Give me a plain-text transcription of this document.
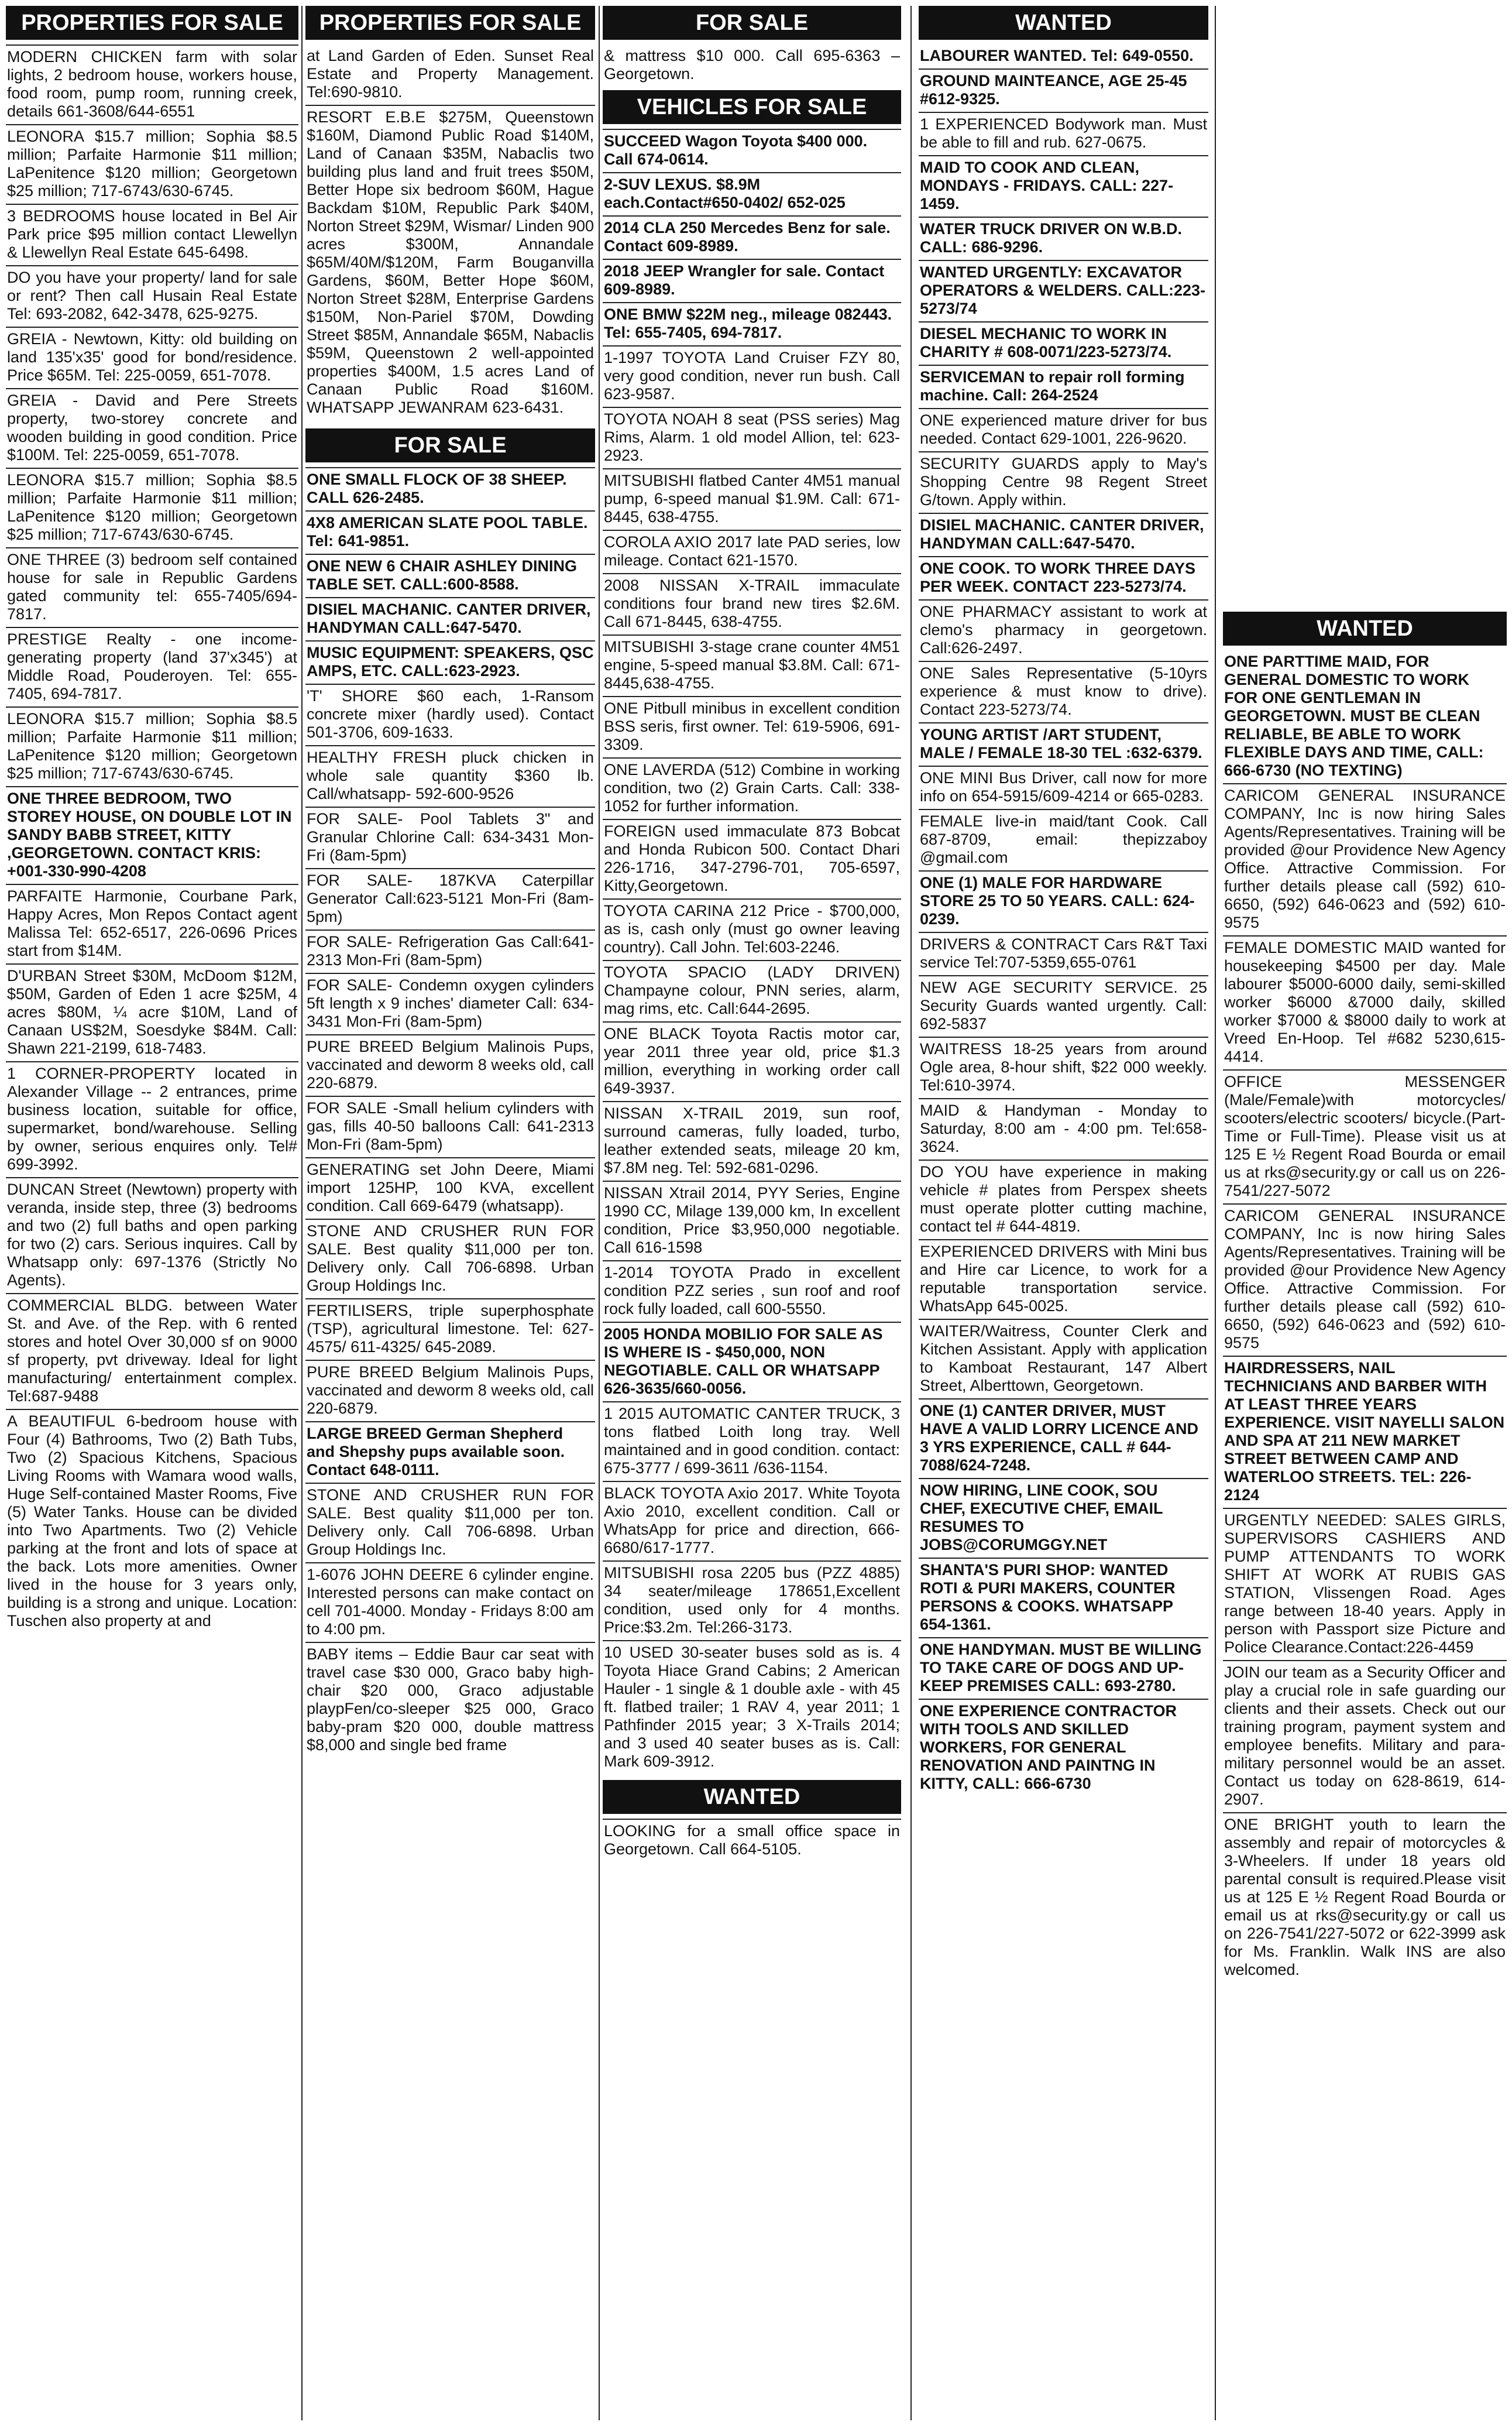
PROPERTIES FOR SALE

MODERN CHICKEN farm with solar lights, 2 bedroom house, workers house, food room, pump room, running creek, details 661-3608/644-6551

LEONORA $15.7 million; Sophia $8.5 million; Parfaite Harmonie $11 million; LaPenitence $120 million; Georgetown $25 million; 717-6743/630-6745.

3 BEDROOMS house located in Bel Air Park price $95 million contact Llewellyn & Llewellyn Real Estate 645-6498.

DO you have your property/ land for sale or rent? Then call Husain Real Estate Tel: 693-2082, 642-3478, 625-9275.

GREIA - Newtown, Kitty: old building on land 135'x35' good for bond/residence. Price $65M. Tel: 225-0059, 651-7078.

GREIA - David and Pere Streets property, two-storey concrete and wooden building in good condition. Price $100M. Tel: 225-0059, 651-7078.

LEONORA $15.7 million; Sophia $8.5 million; Parfaite Harmonie $11 million; LaPenitence $120 million; Georgetown $25 million; 717-6743/630-6745.

ONE THREE (3) bedroom self contained house for sale in Republic Gardens gated community tel: 655-7405/694-7817.

PRESTIGE Realty - one income-generating property (land 37'x345') at Middle Road, Pouderoyen. Tel: 655-7405, 694-7817.

LEONORA $15.7 million; Sophia $8.5 million; Parfaite Harmonie $11 million; LaPenitence $120 million; Georgetown $25 million; 717-6743/630-6745.

ONE THREE BEDROOM, TWO STOREY HOUSE, ON DOUBLE LOT IN SANDY BABB STREET, KITTY ,GEORGETOWN. CONTACT KRIS: +001-330-990-4208

PARFAITE Harmonie, Courbane Park, Happy Acres, Mon Repos Contact agent Malissa Tel: 652-6517, 226-0696 Prices start from $14M.

D'URBAN Street $30M, McDoom $12M, $50M, Garden of Eden 1 acre $25M, 4 acres $80M, ¼ acre $10M, Land of Canaan US$2M, Soesdyke $84M. Call: Shawn 221-2199, 618-7483.

1 CORNER-PROPERTY located in Alexander Village -- 2 entrances, prime business location, suitable for office, supermarket, bond/warehouse. Selling by owner, serious enquires only. Tel# 699-3992.

DUNCAN Street (Newtown) property with veranda, inside step, three (3) bedrooms and two (2) full baths and open parking for two (2) cars. Serious inquires. Call by Whatsapp only: 697-1376 (Strictly No Agents).

COMMERCIAL BLDG. between Water St. and Ave. of the Rep. with 6 rented stores and hotel Over 30,000 sf on 9000 sf property, pvt driveway. Ideal for light manufacturing/ entertainment complex. Tel:687-9488

A BEAUTIFUL 6-bedroom house with Four (4) Bathrooms, Two (2) Bath Tubs, Two (2) Spacious Kitchens, Spacious Living Rooms with Wamara wood walls, Huge Self-contained Master Rooms, Five (5) Water Tanks. House can be divided into Two Apartments. Two (2) Vehicle parking at the front and lots of space at the back. Lots more amenities. Owner lived in the house for 3 years only, building is a strong and unique. Location: Tuschen also property at and

PROPERTIES FOR SALE

at Land Garden of Eden. Sunset Real Estate and Property Management. Tel:690-9810.

RESORT E.B.E $275M, Queenstown $160M, Diamond Public Road $140M, Land of Canaan $35M, Nabaclis two building plus land and fruit trees $50M, Better Hope six bedroom $60M, Hague Backdam $10M, Republic Park $40M, Norton Street $29M, Wismar/ Linden 900 acres $300M, Annandale $65M/40M/$120M, Farm Bouganvilla Gardens, $60M, Better Hope $60M, Norton Street $28M, Enterprise Gardens $150M, Non-Pariel $70M, Dowding Street $85M, Annandale $65M, Nabaclis $59M, Queenstown 2 well-appointed properties $400M, 1.5 acres Land of Canaan Public Road $160M. WHATSAPP JEWANRAM 623-6431.

FOR SALE

ONE SMALL FLOCK OF 38 SHEEP. CALL 626-2485.

4X8 AMERICAN SLATE POOL TABLE. Tel: 641-9851.

ONE NEW 6 CHAIR ASHLEY DINING TABLE SET. CALL:600-8588.

DISIEL MACHANIC. CANTER DRIVER, HANDYMAN CALL:647-5470.

MUSIC EQUIPMENT: SPEAKERS, QSC AMPS, ETC. CALL:623-2923.

'T' SHORE $60 each, 1-Ransom concrete mixer (hardly used). Contact 501-3706, 609-1633.

HEALTHY FRESH pluck chicken in whole sale quantity $360 lb. Call/whatsapp- 592-600-9526

FOR SALE- Pool Tablets 3" and Granular Chlorine Call: 634-3431 Mon-Fri (8am-5pm)

FOR SALE- 187KVA Caterpillar Generator Call:623-5121 Mon-Fri (8am-5pm)

FOR SALE- Refrigeration Gas Call:641-2313 Mon-Fri (8am-5pm)

FOR SALE- Condemn oxygen cylinders 5ft length x 9 inches' diameter Call: 634-3431 Mon-Fri (8am-5pm)

PURE BREED Belgium Malinois Pups, vaccinated and deworm 8 weeks old, call 220-6879.

FOR SALE -Small helium cylinders with gas, fills 40-50 balloons Call: 641-2313 Mon-Fri (8am-5pm)

GENERATING set John Deere, Miami import 125HP, 100 KVA, excellent condition. Call 669-6479 (whatsapp).

STONE AND CRUSHER RUN FOR SALE. Best quality $11,000 per ton. Delivery only. Call 706-6898. Urban Group Holdings Inc.

FERTILISERS, triple superphosphate (TSP), agricultural limestone. Tel: 627-4575/ 611-4325/ 645-2089.

PURE BREED Belgium Malinois Pups, vaccinated and deworm 8 weeks old, call 220-6879.

LARGE BREED German Shepherd and Shepshy pups available soon. Contact 648-0111.

STONE AND CRUSHER RUN FOR SALE. Best quality $11,000 per ton. Delivery only. Call 706-6898. Urban Group Holdings Inc.

1-6076 JOHN DEERE 6 cylinder engine. Interested persons can make contact on cell 701-4000. Monday - Fridays 8:00 am to 4:00 pm.

BABY items – Eddie Baur car seat with travel case $30 000, Graco baby high-chair $20 000, Graco adjustable playpFen/co-sleeper $25 000, Graco baby-pram $20 000, double mattress $8,000 and single bed frame

FOR SALE

& mattress $10 000. Call 695-6363 – Georgetown.

VEHICLES FOR SALE

SUCCEED Wagon Toyota $400 000. Call 674-0614.

2-SUV LEXUS. $8.9M each.Contact#650-0402/ 652-025

2014 CLA 250 Mercedes Benz for sale. Contact 609-8989.

2018 JEEP Wrangler for sale. Contact 609-8989.

ONE BMW $22M neg., mileage 082443. Tel: 655-7405, 694-7817.

1-1997 TOYOTA Land Cruiser FZY 80, very good condition, never run bush. Call 623-9587.

TOYOTA NOAH 8 seat (PSS series) Mag Rims, Alarm. 1 old model Allion, tel: 623-2923.

MITSUBISHI flatbed Canter 4M51 manual pump, 6-speed manual $1.9M. Call: 671-8445, 638-4755.

COROLA AXIO 2017 late PAD series, low mileage. Contact 621-1570.

2008 NISSAN X-TRAIL immaculate conditions four brand new tires $2.6M. Call 671-8445, 638-4755.

MITSUBISHI 3-stage crane counter 4M51 engine, 5-speed manual $3.8M. Call: 671-8445,638-4755.

ONE Pitbull minibus in excellent condition BSS seris, first owner. Tel: 619-5906, 691-3309.

ONE LAVERDA (512) Combine in working condition, two (2) Grain Carts. Call: 338-1052 for further information.

FOREIGN used immaculate 873 Bobcat and Honda Rubicon 500. Contact Dhari 226-1716, 347-2796-701, 705-6597, Kitty,Georgetown.

TOYOTA CARINA 212 Price - $700,000, as is, cash only (must go owner leaving country). Call John. Tel:603-2246.

TOYOTA SPACIO (LADY DRIVEN) Champayne colour, PNN series, alarm, mag rims, etc. Call:644-2695.

ONE BLACK Toyota Ractis motor car, year 2011 three year old, price $1.3 million, everything in working order call 649-3937.

NISSAN X-TRAIL 2019, sun roof, surround cameras, fully loaded, turbo, leather extended seats, mileage 20 km, $7.8M neg. Tel: 592-681-0296.

NISSAN Xtrail 2014, PYY Series, Engine 1990 CC, Milage 139,000 km, In excellent condition, Price $3,950,000 negotiable. Call 616-1598

1-2014 TOYOTA Prado in excellent condition PZZ series , sun roof and roof rock fully loaded, call 600-5550.

2005 HONDA MOBILIO FOR SALE AS IS WHERE IS - $450,000, NON NEGOTIABLE. CALL OR WHATSAPP 626-3635/660-0056.

1 2015 AUTOMATIC CANTER TRUCK, 3 tons flatbed Loith long tray. Well maintained and in good condition. contact: 675-3777 / 699-3611 /636-1154.

BLACK TOYOTA Axio 2017. White Toyota Axio 2010, excellent condition. Call or WhatsApp for price and direction, 666-6680/617-1777.

MITSUBISHI rosa 2205 bus (PZZ 4885) 34 seater/mileage 178651,Excellent condition, used only for 4 months. Price:$3.2m. Tel:266-3173.

10 USED 30-seater buses sold as is. 4 Toyota Hiace Grand Cabins; 2 American Hauler - 1 single & 1 double axle - with 45 ft. flatbed trailer; 1 RAV 4, year 2011; 1 Pathfinder 2015 year; 3 X-Trails 2014; and 3 used 40 seater buses as is. Call: Mark 609-3912.

WANTED

LOOKING for a small office space in Georgetown. Call 664-5105.

WANTED

LABOURER WANTED. Tel: 649-0550.

GROUND MAINTEANCE, AGE 25-45 #612-9325.

1 EXPERIENCED Bodywork man. Must be able to fill and rub. 627-0675.

MAID TO COOK AND CLEAN, MONDAYS - FRIDAYS. CALL: 227-1459.

WATER TRUCK DRIVER ON W.B.D. CALL: 686-9296.

WANTED URGENTLY: EXCAVATOR OPERATORS & WELDERS. CALL:223-5273/74

DIESEL MECHANIC TO WORK IN CHARITY # 608-0071/223-5273/74.

SERVICEMAN to repair roll forming machine. Call: 264-2524

ONE experienced mature driver for bus needed. Contact 629-1001, 226-9620.

SECURITY GUARDS apply to May's Shopping Centre 98 Regent Street G/town. Apply within.

DISIEL MACHANIC. CANTER DRIVER, HANDYMAN CALL:647-5470.

ONE COOK. TO WORK THREE DAYS PER WEEK. CONTACT 223-5273/74.

ONE PHARMACY assistant to work at clemo's pharmacy in georgetown. Call:626-2497.

ONE Sales Representative (5-10yrs experience & must know to drive). Contact 223-5273/74.

YOUNG ARTIST /ART STUDENT, MALE / FEMALE 18-30 TEL :632-6379.

ONE MINI Bus Driver, call now for more info on 654-5915/609-4214 or 665-0283.

FEMALE live-in maid/tant Cook. Call 687-8709, email: thepizzaboy @gmail.com

ONE (1) MALE FOR HARDWARE STORE 25 TO 50 YEARS. CALL: 624-0239.

DRIVERS & CONTRACT Cars R&T Taxi service Tel:707-5359,655-0761

NEW AGE SECURITY SERVICE. 25 Security Guards wanted urgently. Call: 692-5837

WAITRESS 18-25 years from around Ogle area, 8-hour shift, $22 000 weekly. Tel:610-3974.

MAID & Handyman - Monday to Saturday, 8:00 am - 4:00 pm. Tel:658-3624.

DO YOU have experience in making vehicle # plates from Perspex sheets must operate plotter cutting machine, contact tel # 644-4819.

EXPERIENCED DRIVERS with Mini bus and Hire car Licence, to work for a reputable transportation service. WhatsApp 645-0025.

WAITER/Waitress, Counter Clerk and Kitchen Assistant. Apply with application to Kamboat Restaurant, 147 Albert Street, Alberttown, Georgetown.

ONE (1) CANTER DRIVER, MUST HAVE A VALID LORRY LICENCE AND 3 YRS EXPERIENCE, CALL # 644-7088/624-7248.

NOW HIRING, LINE COOK, SOU CHEF, EXECUTIVE CHEF, EMAIL RESUMES TO JOBS@CORUMGGY.NET

SHANTA'S PURI SHOP: WANTED ROTI & PURI MAKERS, COUNTER PERSONS & COOKS. WHATSAPP 654-1361.

ONE HANDYMAN. MUST BE WILLING TO TAKE CARE OF DOGS AND UP-KEEP PREMISES CALL: 693-2780.

ONE EXPERIENCE CONTRACTOR WITH TOOLS AND SKILLED WORKERS, FOR GENERAL RENOVATION AND PAINTNG IN KITTY, CALL: 666-6730

WANTED

ONE PARTTIME MAID, FOR GENERAL DOMESTIC TO WORK FOR ONE GENTLEMAN IN GEORGETOWN. MUST BE CLEAN RELIABLE, BE ABLE TO WORK FLEXIBLE DAYS AND TIME, CALL: 666-6730 (NO TEXTING)

CARICOM GENERAL INSURANCE COMPANY, Inc is now hiring Sales Agents/Representatives. Training will be provided @our Providence New Agency Office. Attractive Commission. For further details please call (592) 610-6650, (592) 646-0623 and (592) 610-9575

FEMALE DOMESTIC MAID wanted for housekeeping $4500 per day. Male labourer $5000-6000 daily, semi-skilled worker $6000 &7000 daily, skilled worker $7000 & $8000 daily to work at Vreed En-Hoop. Tel #682 5230,615-4414.

OFFICE MESSENGER (Male/Female)with motorcycles/ scooters/electric scooters/ bicycle.(Part-Time or Full-Time). Please visit us at 125 E ½ Regent Road Bourda or email us at rks@security.gy or call us on 226-7541/227-5072

CARICOM GENERAL INSURANCE COMPANY, Inc is now hiring Sales Agents/Representatives. Training will be provided @our Providence New Agency Office. Attractive Commission. For further details please call (592) 610-6650, (592) 646-0623 and (592) 610-9575

HAIRDRESSERS, NAIL TECHNICIANS AND BARBER WITH AT LEAST THREE YEARS EXPERIENCE. VISIT NAYELLI SALON AND SPA AT 211 NEW MARKET STREET BETWEEN CAMP AND WATERLOO STREETS. TEL: 226-2124

URGENTLY NEEDED: SALES GIRLS, SUPERVISORS CASHIERS AND PUMP ATTENDANTS TO WORK SHIFT AT WORK AT RUBIS GAS STATION, Vlissengen Road. Ages range between 18-40 years. Apply in person with Passport size Picture and Police Clearance.Contact:226-4459

JOIN our team as a Security Officer and play a crucial role in safe guarding our clients and their assets. Check out our training program, payment system and employee benefits. Military and para-military personnel would be an asset. Contact us today on 628-8619, 614-2907.

ONE BRIGHT youth to learn the assembly and repair of motorcycles & 3-Wheelers. If under 18 years old parental consult is required.Please visit us at 125 E ½ Regent Road Bourda or email us at rks@security.gy or call us on 226-7541/227-5072 or 622-3999 ask for Ms. Franklin. Walk INS are also welcomed.
